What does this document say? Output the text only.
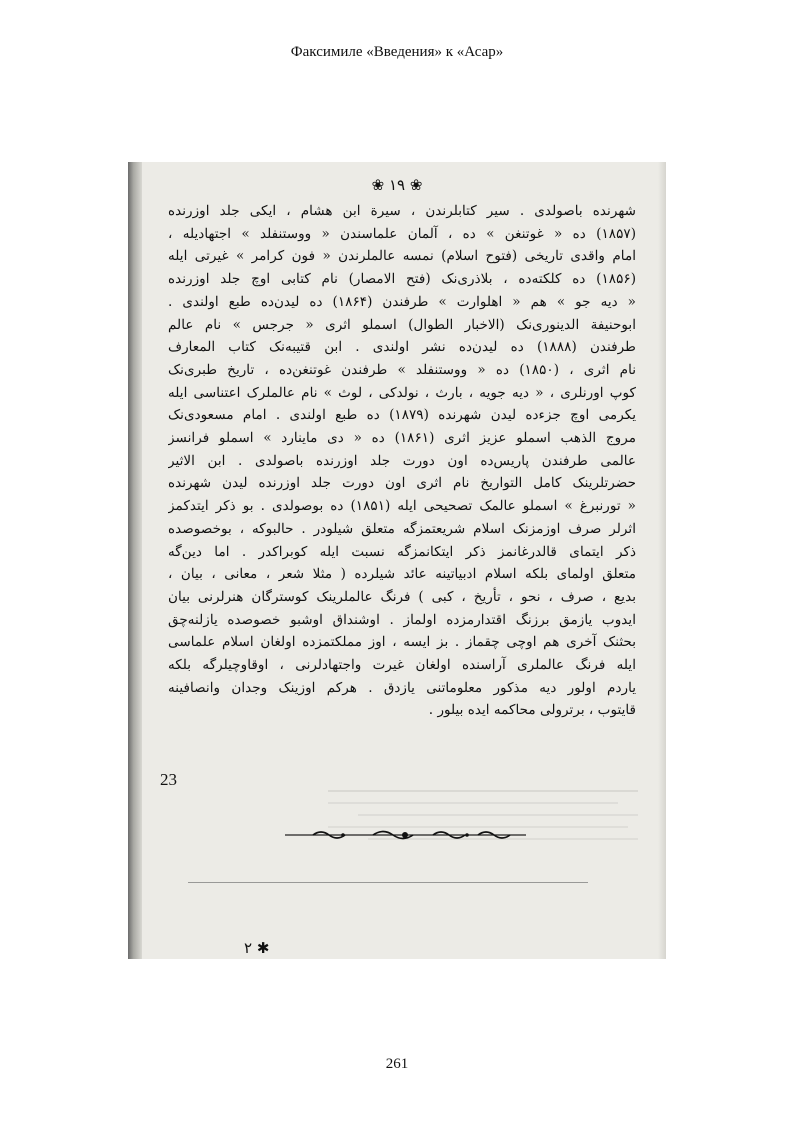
Факсимиле «Введения» к «Асар»
❀ ۱۹ ❀
شهرنده باصولدی . سیر کتابلرندن ، سیرة ابن هشام ، ایکی جلد اوزرنده
(۱۸۵۷) ده « غوتنغن » ده ، آلمان علماسندن « ووستنفلد » اجتهادیله ،
امام واقدی تاریخی (فتوح اسلام) نمسه عالملرندن « فون کرامر » غیرتی ایله
(۱۸۵۶) ده کلکته‌ده ، بلاذری‌نک (فتح الامصار) نام کتابی اوچ جلد اوزرنده
« دیه جو » هم « اهلوارت » طرفندن (۱۸۶۴) ده لیدن‌ده طبع اولندی .
ابوحنیفة الدینوری‌نک (الاخبار الطوال) اسملو اثری « جرجس » نام عالم
طرفندن (۱۸۸۸) ده لیدن‌ده نشر اولندی . ابن قتیبه‌نک کتاب المعارف
نام اثری ، (۱۸۵۰) ده « ووستنفلد » طرفندن غوتنغن‌ده ، تاریخ طبری‌نک
کوپ اورنلری ، « دیه جویه ، بارث ، نولدکی ، لوث » نام عالملرک اعتناسی ایله
یکرمی اوچ جزءده لیدن شهرنده (۱۸۷۹) ده طبع اولندی . امام مسعودی‌نک
مروج الذهب اسملو عزیز اثری (۱۸۶۱) ده « دی ماینارد » اسملو فرانسز
عالمی طرفندن پاریس‌ده اون دورت جلد اوزرنده باصولدی . ابن الاثیر
حضرتلرینک کامل التواریخ نام اثری اون دورت جلد اوزرنده لیدن شهرنده
« تورنبرغ » اسملو عالمک تصحیحی ایله (۱۸۵۱) ده بوصولدی . بو ذکر ایتدکمز
اثرلر صرف اوزمزنک اسلام شریعتمزگه متعلق شیلودر . حالبوکه ، بوخصوصده
ذکر ایتمای قالدرغانمز ذکر ایتکانمزگه نسبت ایله کوبراکدر . اما دین‌گه
متعلق اولمای بلکه اسلام ادبیاتینه عائد شیلرده ( مثلا شعر ، معانی ، بیان ،
بدیع ، صرف ، نحو ، تأریخ ، کبی ) فرنگ عالملرینک کوسترگان هنرلرنی بیان
ایدوب یازمق برزنگ اقتدارمزده اولماز . اوشنداق اوشبو خصوصده یازلنه‌چق
بحثنک آخری هم اوچی چقماز . بز ایسه ، اوز مملکتمزده اولغان اسلام علماسی
ایله فرنگ عالملری آراسنده اولغان غیرت واجتهادلرنی ، اوقاوچیلرگه بلکه
یاردم اولور دیه مذکور معلوماتنی یازدق . هرکم اوزینک وجدان وانصافینه
قایتوب ، برترولی محاکمه ایده بیلور .
۲ ✱
23
261
